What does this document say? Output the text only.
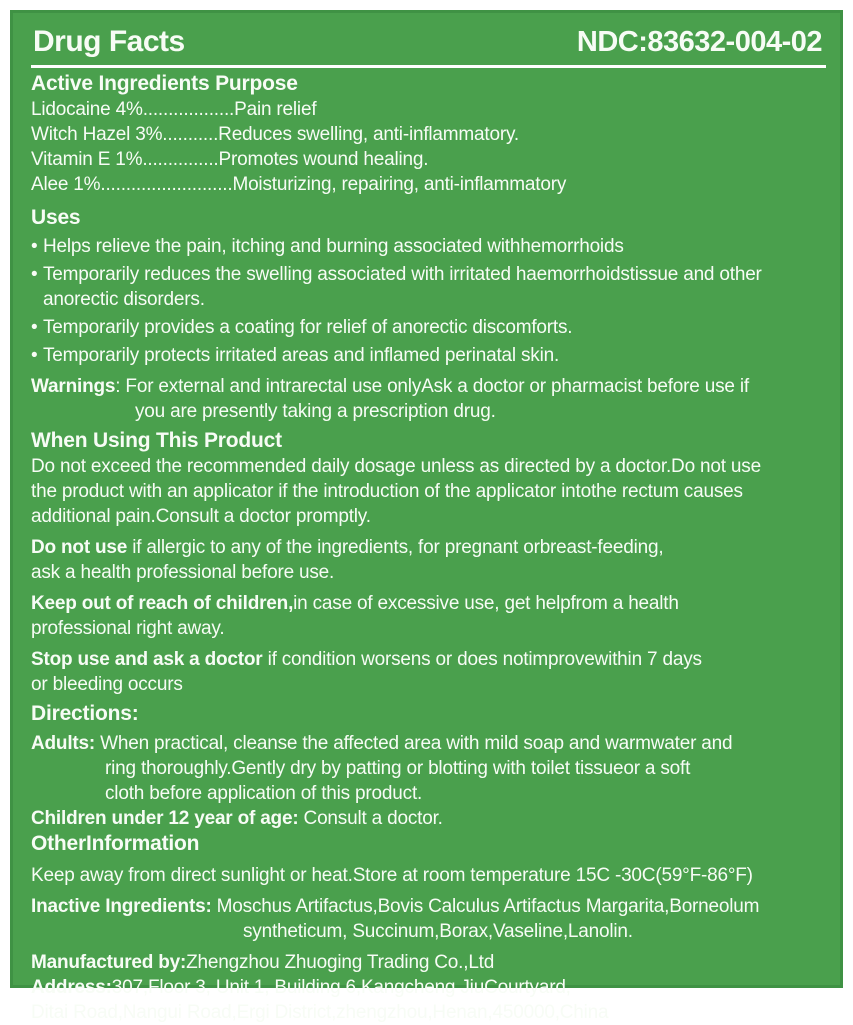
Drug Facts	NDC:83632-004-02
Active Ingredients Purpose
Lidocaine 4%..................Pain relief
Witch Hazel 3%...........Reduces swelling, anti-inflammatory.
Vitamin E 1%...............Promotes wound healing.
Alee 1%..........................Moisturizing, repairing, anti-inflammatory
Uses
• Helps relieve the pain, itching and burning associated withhemorrhoids
• Temporarily reduces the swelling associated with irritated haemorrhoidstissue and other
anorectic disorders.
• Temporarily provides a coating for relief of anorectic discomforts.
• Temporarily protects irritated areas and inflamed perinatal skin.
Warnings: For external and intrarectal use onlyAsk a doctor or pharmacist before use if
you are presently taking a prescription drug.
When Using This Product
Do not exceed the recommended daily dosage unless as directed by a doctor.Do not use
the product with an applicator if the introduction of the applicator intothe rectum causes
additional pain.Consult a doctor promptly.
Do not use if allergic to any of the ingredients, for pregnant orbreast-feeding,
ask a health professional before use.
Keep out of reach of children,in case of excessive use, get helpfrom a health
professional right away.
Stop use and ask a doctor if condition worsens or does notimprovewithin 7 days
or bleeding occurs
Directions:
Adults: When practical, cleanse the affected area with mild soap and warmwater and
ring thoroughly.Gently dry by patting or blotting with toilet tissueor a soft
cloth before application of this product.
Children under 12 year of age: Consult a doctor.
OtherInformation
Keep away from direct sunlight or heat.Store at room temperature 15C -30C(59°F-86°F)
Inactive Ingredients: Moschus Artifactus,Bovis Calculus Artifactus Margarita,Borneolum
syntheticum, Succinum,Borax,Vaseline,Lanolin.
Manufactured by:Zhengzhou Zhuoging Trading Co.,Ltd
Address:307,Floor 3, Unit 1, Building 6,Kangcheng JiuCourtyard,
Ditai Road,Nangui Road,Ergi District,zhengzhou,Henan,450000,China
